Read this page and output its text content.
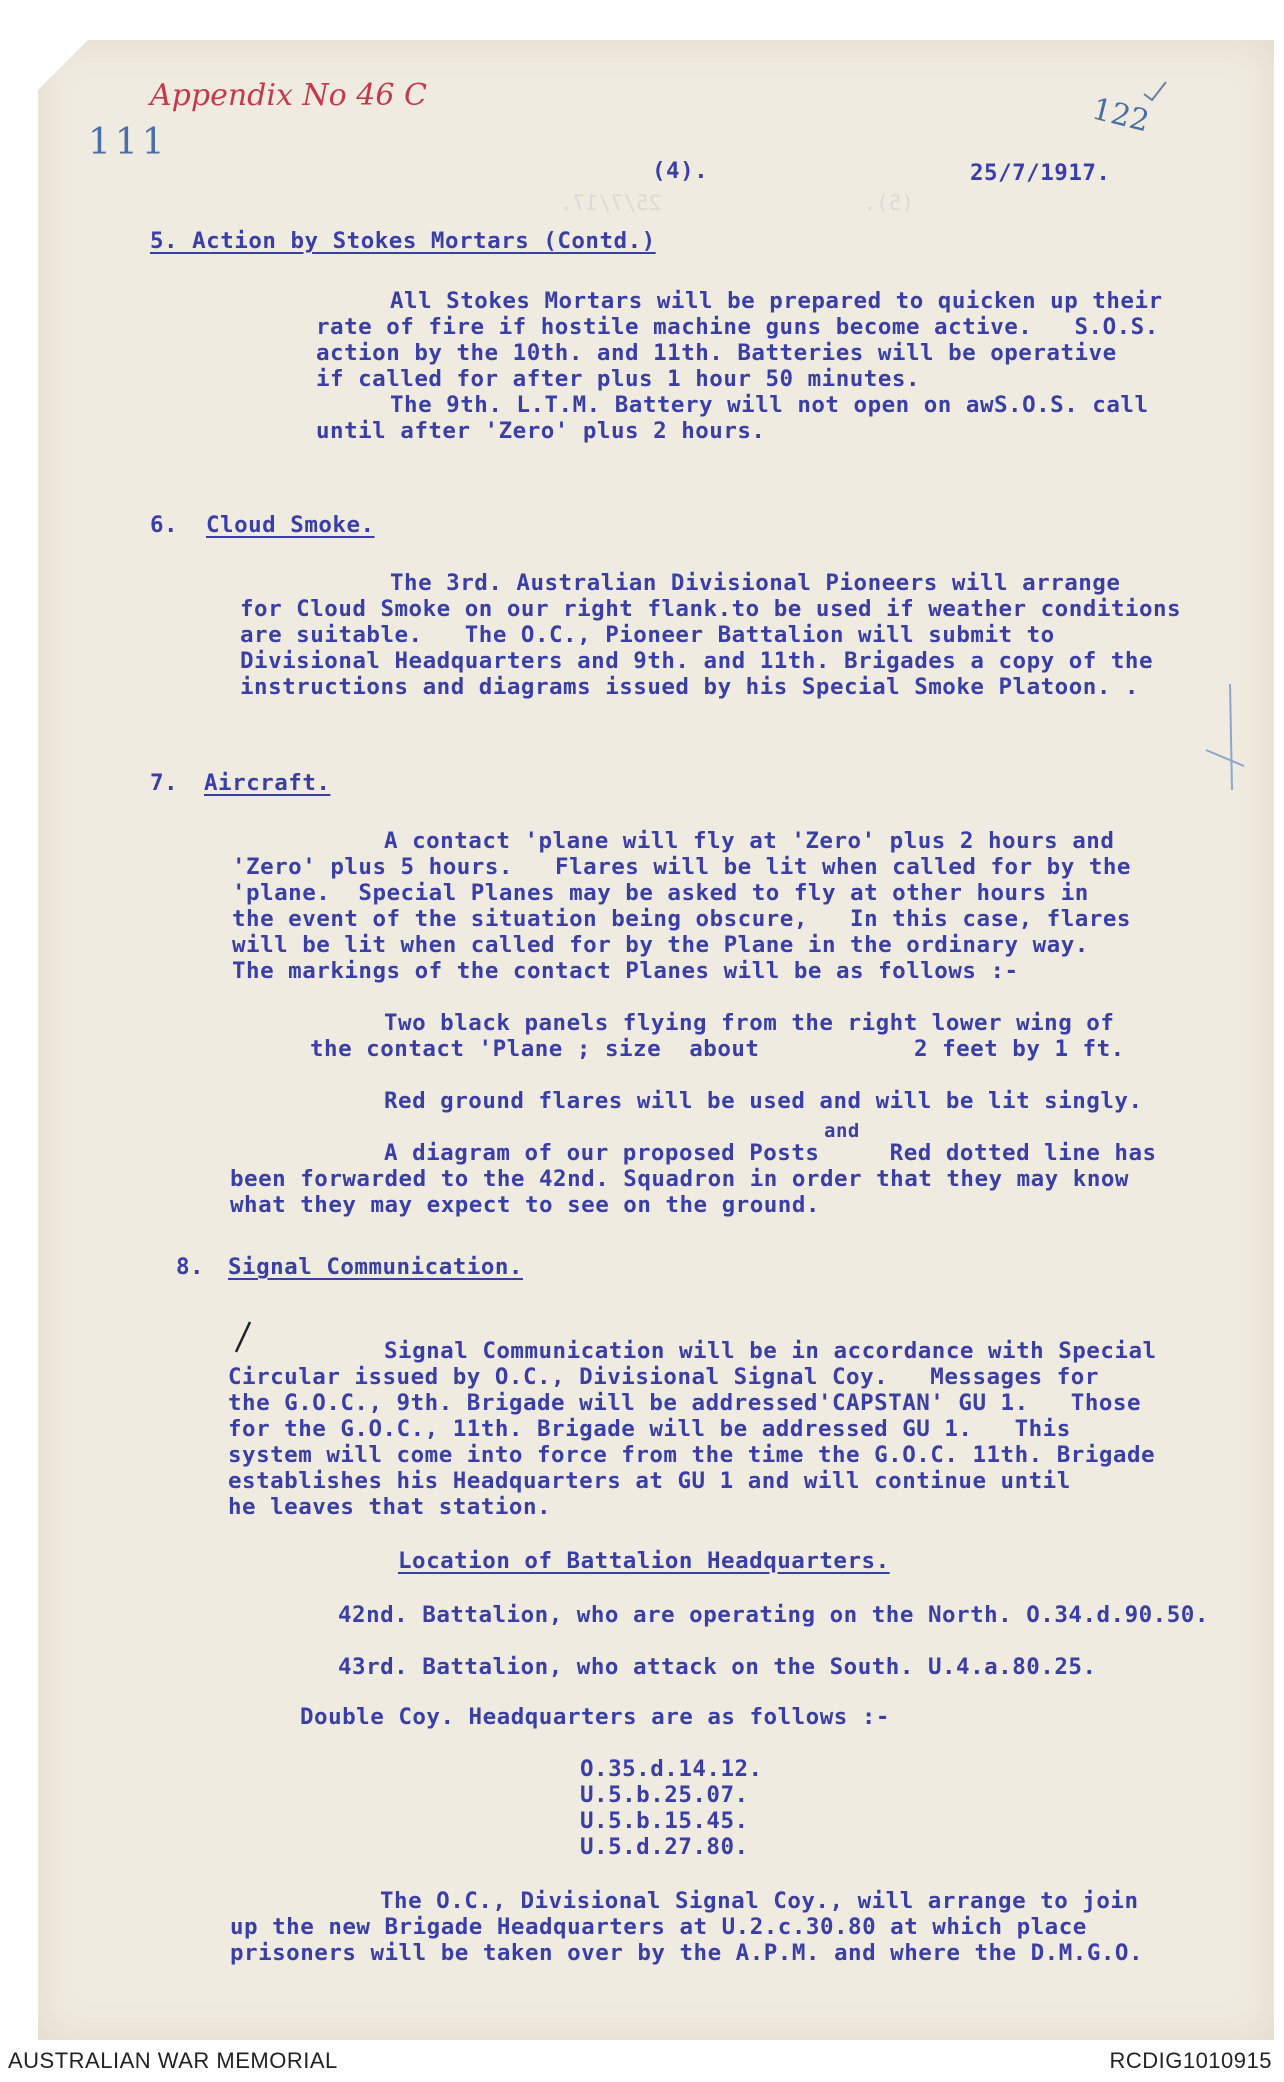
(5).                25/7/17.
Appendix No 46 C
111
122
(4).	25/7/1917.
5. Action by Stokes Mortars (Contd.)
All Stokes Mortars will be prepared to quicken up their
rate of fire if hostile machine guns become active.   S.O.S.
action by the 10th. and 11th. Batteries will be operative
if called for after plus 1 hour 50 minutes.
The 9th. L.T.M. Battery will not open on awS.O.S. call
until after 'Zero' plus 2 hours.
6. Cloud Smoke.
The 3rd. Australian Divisional Pioneers will arrange
for Cloud Smoke on our right flank.to be used if weather conditions
are suitable.   The O.C., Pioneer Battalion will submit to
Divisional Headquarters and 9th. and 11th. Brigades a copy of the
instructions and diagrams issued by his Special Smoke Platoon. .
7. Aircraft.
A contact 'plane will fly at 'Zero' plus 2 hours and
'Zero' plus 5 hours.   Flares will be lit when called for by the
'plane.  Special Planes may be asked to fly at other hours in
the event of the situation being obscure,   In this case, flares
will be lit when called for by the Plane in the ordinary way.
The markings of the contact Planes will be as follows :-
Two black panels flying from the right lower wing of
the contact 'Plane ; size  about           2 feet by 1 ft.
Red ground flares will be used and will be lit singly.
and
A diagram of our proposed Posts     Red dotted line has
been forwarded to the 42nd. Squadron in order that they may know
what they may expect to see on the ground.
8. Signal Communication.
Signal Communication will be in accordance with Special
Circular issued by O.C., Divisional Signal Coy.   Messages for
the G.O.C., 9th. Brigade will be addressed'CAPSTAN' GU 1.   Those
for the G.O.C., 11th. Brigade will be addressed GU 1.   This
system will come into force from the time the G.O.C. 11th. Brigade
establishes his Headquarters at GU 1 and will continue until
he leaves that station.
Location of Battalion Headquarters.
42nd. Battalion, who are operating on the North. O.34.d.90.50.
43rd. Battalion, who attack on the South. U.4.a.80.25.
Double Coy. Headquarters are as follows :-
O.35.d.14.12.
U.5.b.25.07.
U.5.b.15.45.
U.5.d.27.80.
The O.C., Divisional Signal Coy., will arrange to join
up the new Brigade Headquarters at U.2.c.30.80 at which place
prisoners will be taken over by the A.P.M. and where the D.M.G.O.
AUSTRALIAN WAR MEMORIAL	RCDIG1010915
